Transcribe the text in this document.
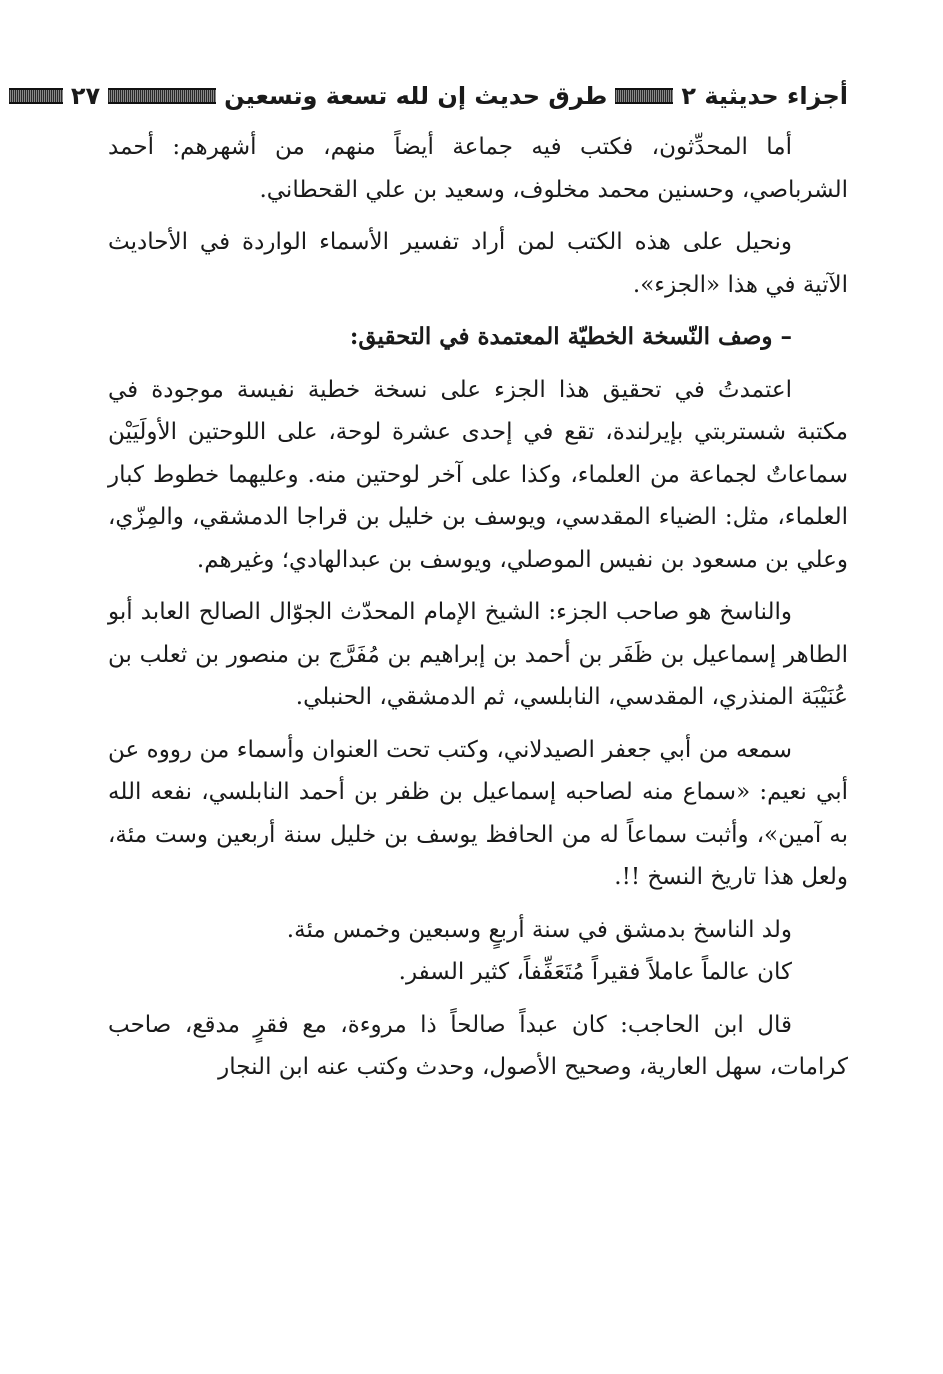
أجزاء حديثية ٢
طرق حديث إن لله تسعة وتسعين
٢٧

أما المحدِّثون، فكتب فيه جماعة أيضاً منهم، من أشهرهم: أحمد الشرباصي، وحسنين محمد مخلوف، وسعيد بن علي القحطاني.

ونحيل على هذه الكتب لمن أراد تفسير الأسماء الواردة في الأحاديث الآتية في هذا «الجزء».

– وصف النّسخة الخطيّة المعتمدة في التحقيق:

اعتمدتُ في تحقيق هذا الجزء على نسخة خطية نفيسة موجودة في مكتبة شستربتي بإيرلندة، تقع في إحدى عشرة لوحة، على اللوحتين الأولَيَيْن سماعاتٌ لجماعة من العلماء، وكذا على آخر لوحتين منه. وعليهما خطوط كبار العلماء، مثل: الضياء المقدسي، ويوسف بن خليل بن قراجا الدمشقي، والمِزّي، وعلي بن مسعود بن نفيس الموصلي، ويوسف بن عبدالهادي؛ وغيرهم.

والناسخ هو صاحب الجزء: الشيخ الإمام المحدّث الجوّال الصالح العابد أبو الطاهر إسماعيل بن ظَفَر بن أحمد بن إبراهيم بن مُفَرَّج بن منصور بن ثعلب بن عُنَيْبَة المنذري، المقدسي، النابلسي، ثم الدمشقي، الحنبلي.

سمعه من أبي جعفر الصيدلاني، وكتب تحت العنوان وأسماء من رووه عن أبي نعيم: «سماع منه لصاحبه إسماعيل بن ظفر بن أحمد النابلسي، نفعه الله به آمين»، وأثبت سماعاً له من الحافظ يوسف بن خليل سنة أربعين وست مئة، ولعل هذا تاريخ النسخ !!.

ولد الناسخ بدمشق في سنة أربعٍ وسبعين وخمس مئة.

كان عالماً عاملاً فقيراً مُتَعَفِّفاً، كثير السفر.

قال ابن الحاجب: كان عبداً صالحاً ذا مروءة، مع فقرٍ مدقع، صاحب كرامات، سهل العارية، وصحيح الأصول، وحدث وكتب عنه ابن النجار
